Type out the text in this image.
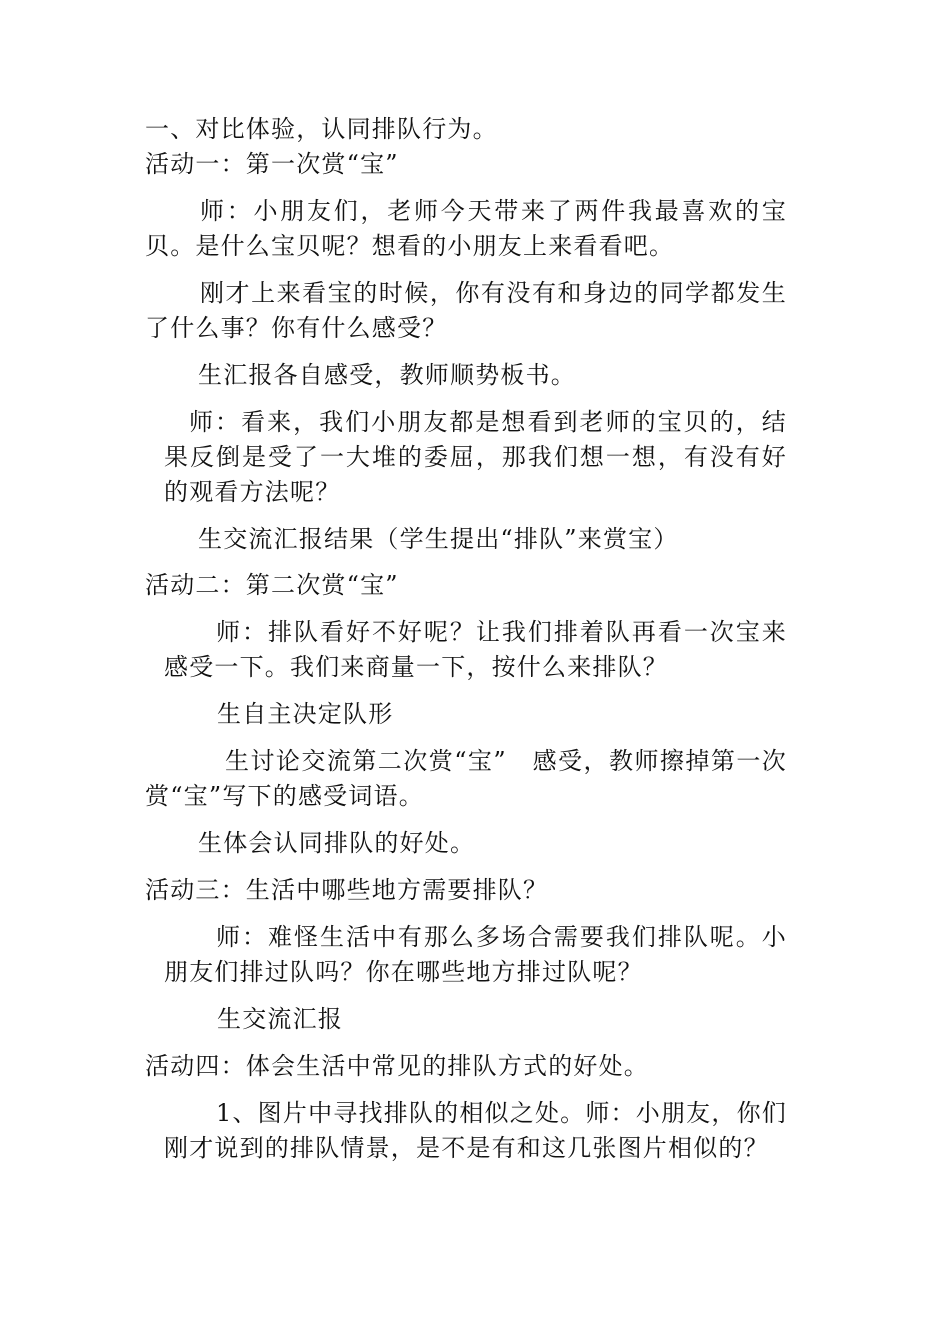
一、对比体验，认同排队行为。

活动一：第一次赏“宝”

师：小朋友们，老师今天带来了两件我最喜欢的宝贝。是什么宝贝呢？想看的小朋友上来看看吧。

刚才上来看宝的时候，你有没有和身边的同学都发生了什么事？你有什么感受？

生汇报各自感受，教师顺势板书。

师：看来，我们小朋友都是想看到老师的宝贝的，结果反倒是受了一大堆的委屈，那我们想一想，有没有好的观看方法呢？

生交流汇报结果（学生提出“排队”来赏宝）

活动二：第二次赏“宝”

师：排队看好不好呢？让我们排着队再看一次宝来感受一下。我们来商量一下，按什么来排队？

生自主决定队形

生讨论交流第二次赏“宝”　感受，教师擦掉第一次赏“宝”写下的感受词语。

生体会认同排队的好处。

活动三：生活中哪些地方需要排队？

师：难怪生活中有那么多场合需要我们排队呢。小朋友们排过队吗？你在哪些地方排过队呢？

生交流汇报

活动四：体会生活中常见的排队方式的好处。

1、图片中寻找排队的相似之处。师：小朋友，你们刚才说到的排队情景，是不是有和这几张图片相似的？
